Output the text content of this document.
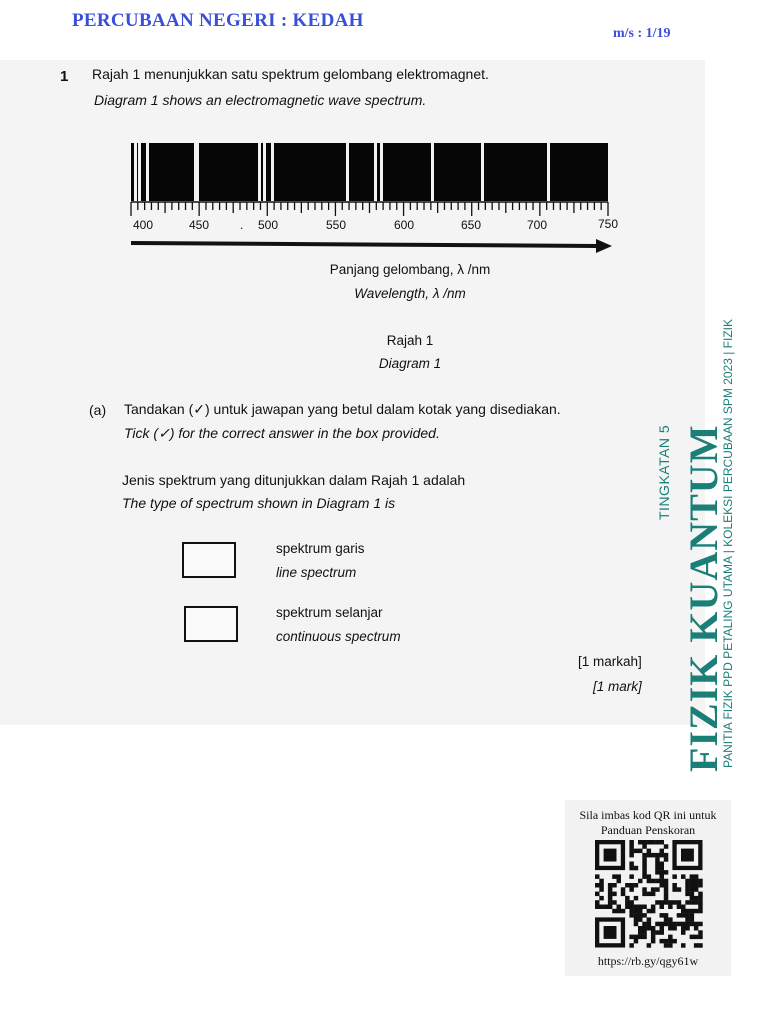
PERCUBAAN NEGERI : KEDAH
m/s : 1/19
1 Rajah 1 menunjukkan satu spektrum gelombang elektromagnet.
Diagram 1 shows an electromagnetic wave spectrum.
400	450	. 500	550	600	650	700	750
Panjang gelombang, λ /nm
Wavelength, λ /nm
Rajah 1
Diagram 1
(a) Tandakan (✓) untuk jawapan yang betul dalam kotak yang disediakan.
Tick (✓) for the correct answer in the box provided.
Jenis spektrum yang ditunjukkan dalam Rajah 1 adalah
The type of spectrum shown in Diagram 1 is
spektrum garis
line spectrum
spektrum selanjar
continuous spectrum
[1 markah]
[1 mark]
TINGKATAN 5 FIZIK KUANTUM
PANITIA FIZIK PPD PETALING UTAMA | KOLEKSI PERCUBAAN SPM 2023 | FIZIK
Sila imbas kod QR ini untuk
Panduan Penskoran
https://rb.gy/qgy61w
